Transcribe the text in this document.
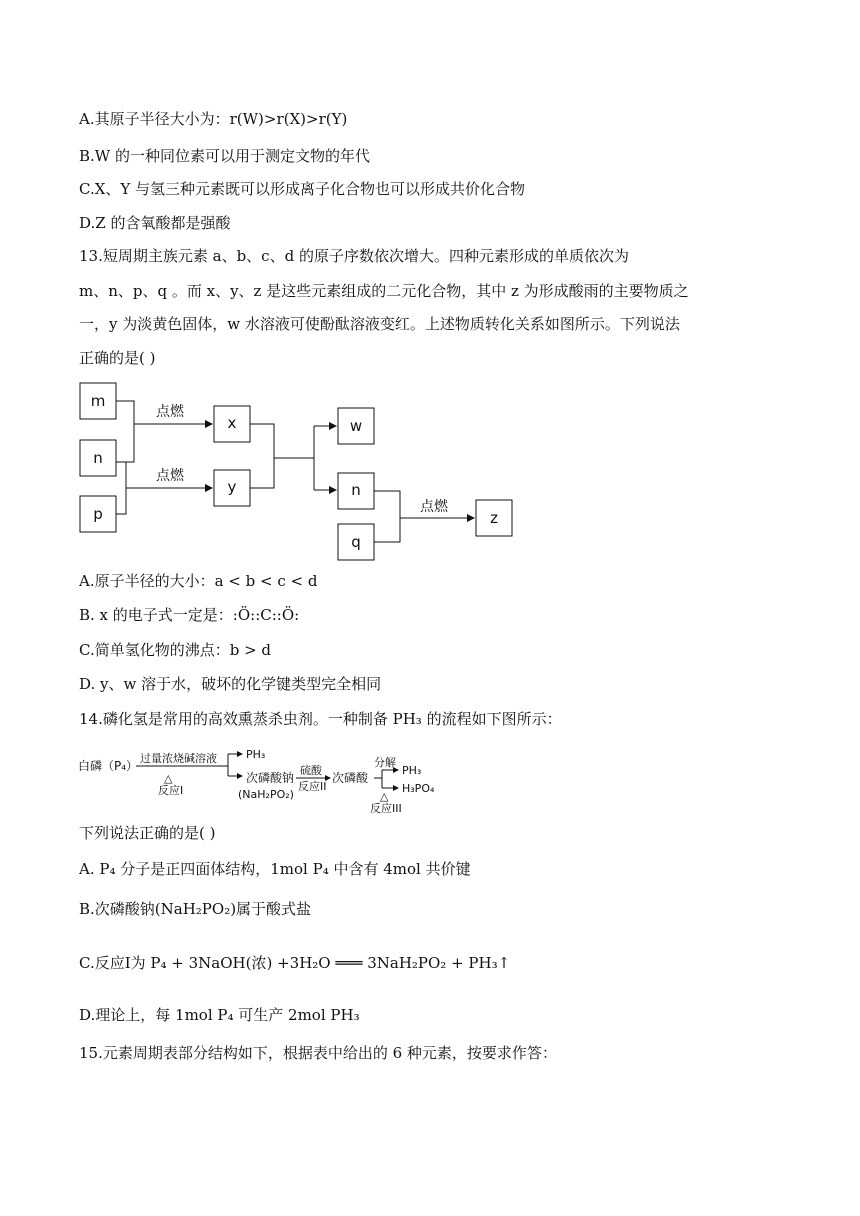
A.其原子半径大小为：r(W)>r(X)>r(Y)
B.W 的一种同位素可以用于测定文物的年代
C.X、Y 与氢三种元素既可以形成离子化合物也可以形成共价化合物
D.Z 的含氧酸都是强酸
13.短周期主族元素 a、b、c、d 的原子序数依次增大。四种元素形成的单质依次为
m、n、p、q 。而 x、y、z 是这些元素组成的二元化合物，其中 z 为形成酸雨的主要物质之
一，y 为淡黄色固体，w 水溶液可使酚酞溶液变红。上述物质转化关系如图所示。下列说法
正确的是( )
m
n
p
x
y
w
n
q
z
点燃
点燃
点燃
A.原子半径的大小：a < b < c < d
B. x 的电子式一定是：:Ö::C::Ö:
C.简单氢化物的沸点：b > d
D. y、w 溶于水，破坏的化学键类型完全相同
14.磷化氢是常用的高效熏蒸杀虫剂。一种制备 PH₃ 的流程如下图所示：
白磷（P₄）
过量浓烧碱溶液
△
反应I
PH₃
次磷酸钠
(NaH₂PO₂)
硫酸
反应II
次磷酸
分解
△
反应III
PH₃
H₃PO₄
下列说法正确的是( )
A. P₄ 分子是正四面体结构，1mol P₄ 中含有 4mol 共价键
B.次磷酸钠(NaH₂PO₂)属于酸式盐
C.反应Ⅰ为 P₄ + 3NaOH(浓) +3H₂O ═══ 3NaH₂PO₂ + PH₃↑
D.理论上，每 1mol P₄ 可生产 2mol PH₃
15.元素周期表部分结构如下，根据表中给出的 6 种元素，按要求作答：
